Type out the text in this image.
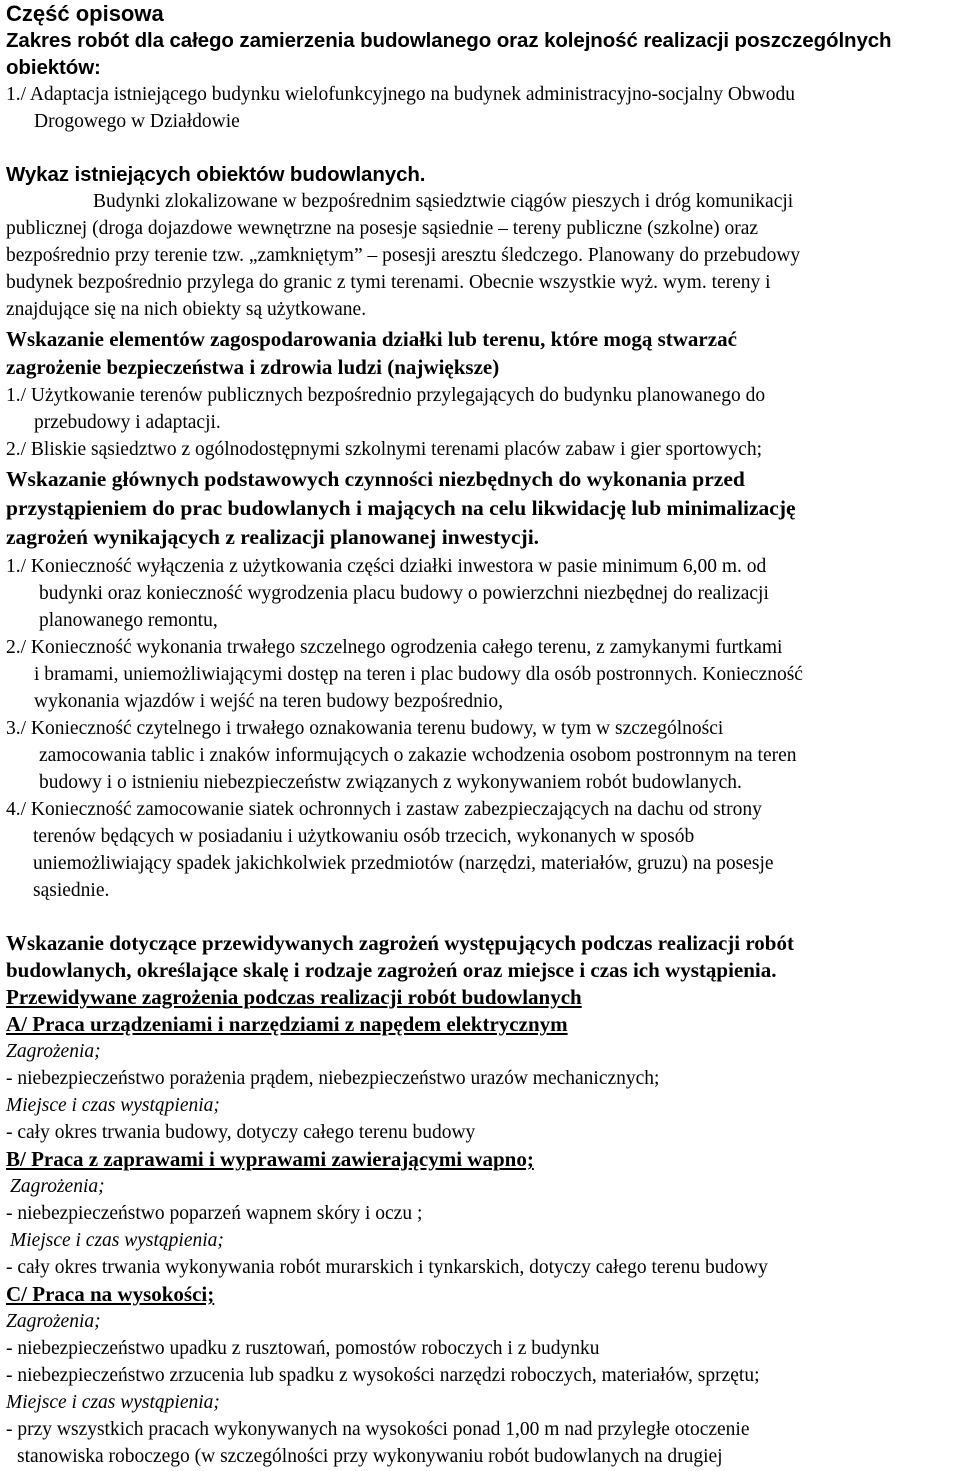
Część opisowa
Zakres robót dla całego zamierzenia budowlanego oraz kolejność realizacji poszczególnych
obiektów:
1./ Adaptacja istniejącego budynku wielofunkcyjnego na budynek administracyjno-socjalny Obwodu
Drogowego w Działdowie
Wykaz istniejących obiektów budowlanych.
Budynki zlokalizowane w bezpośrednim sąsiedztwie ciągów pieszych i dróg komunikacji
publicznej (droga dojazdowe wewnętrzne na posesje sąsiednie – tereny publiczne (szkolne) oraz
bezpośrednio przy terenie tzw. „zamkniętym” – posesji aresztu śledczego. Planowany do przebudowy
budynek bezpośrednio przylega do granic z tymi terenami. Obecnie wszystkie wyż. wym. tereny i
znajdujące się na nich obiekty są użytkowane.
Wskazanie elementów zagospodarowania działki lub terenu, które mogą stwarzać
zagrożenie bezpieczeństwa i zdrowia ludzi (największe)
1./ Użytkowanie terenów publicznych bezpośrednio przylegających do budynku planowanego do
przebudowy i adaptacji.
2./ Bliskie sąsiedztwo z ogólnodostępnymi szkolnymi terenami placów zabaw i gier sportowych;
Wskazanie głównych podstawowych czynności niezbędnych do wykonania przed
przystąpieniem do prac budowlanych i mających na celu likwidację lub minimalizację
zagrożeń wynikających z realizacji planowanej inwestycji.
1./ Konieczność wyłączenia z użytkowania części działki inwestora w pasie minimum 6,00 m. od
budynki oraz konieczność wygrodzenia placu budowy o powierzchni niezbędnej do realizacji
planowanego remontu,
2./ Konieczność wykonania trwałego szczelnego ogrodzenia całego terenu, z zamykanymi furtkami
i bramami, uniemożliwiającymi dostęp na teren i plac budowy dla osób postronnych. Konieczność
wykonania wjazdów i wejść na teren budowy bezpośrednio,
3./ Konieczność czytelnego i trwałego oznakowania terenu budowy, w tym w szczególności
zamocowania tablic i znaków informujących o zakazie wchodzenia osobom postronnym na teren
budowy i o istnieniu niebezpieczeństw związanych z wykonywaniem robót budowlanych.
4./ Konieczność zamocowanie siatek ochronnych i zastaw zabezpieczających na dachu od strony
terenów będących w posiadaniu i użytkowaniu osób trzecich, wykonanych w sposób
uniemożliwiający spadek jakichkolwiek przedmiotów (narzędzi, materiałów, gruzu) na posesje
sąsiednie.
Wskazanie dotyczące przewidywanych zagrożeń występujących podczas realizacji robót
budowlanych, określające skalę i rodzaje zagrożeń oraz miejsce i czas ich wystąpienia.
Przewidywane zagrożenia podczas realizacji robót budowlanych
A/ Praca urządzeniami i narzędziami z napędem elektrycznym
Zagrożenia;
- niebezpieczeństwo porażenia prądem, niebezpieczeństwo urazów mechanicznych;
Miejsce i czas wystąpienia;
- cały okres trwania budowy, dotyczy całego terenu budowy
B/ Praca z zaprawami i wyprawami zawierającymi wapno;
Zagrożenia;
- niebezpieczeństwo poparzeń wapnem skóry i oczu ;
Miejsce i czas wystąpienia;
- cały okres trwania wykonywania robót murarskich i tynkarskich, dotyczy całego terenu budowy
C/ Praca na wysokości;
Zagrożenia;
- niebezpieczeństwo upadku z rusztowań, pomostów roboczych i z budynku
- niebezpieczeństwo zrzucenia lub spadku z wysokości narzędzi roboczych, materiałów, sprzętu;
Miejsce i czas wystąpienia;
- przy wszystkich pracach wykonywanych na wysokości ponad 1,00 m nad przyległe otoczenie
stanowiska roboczego (w szczególności przy wykonywaniu robót budowlanych na drugiej
